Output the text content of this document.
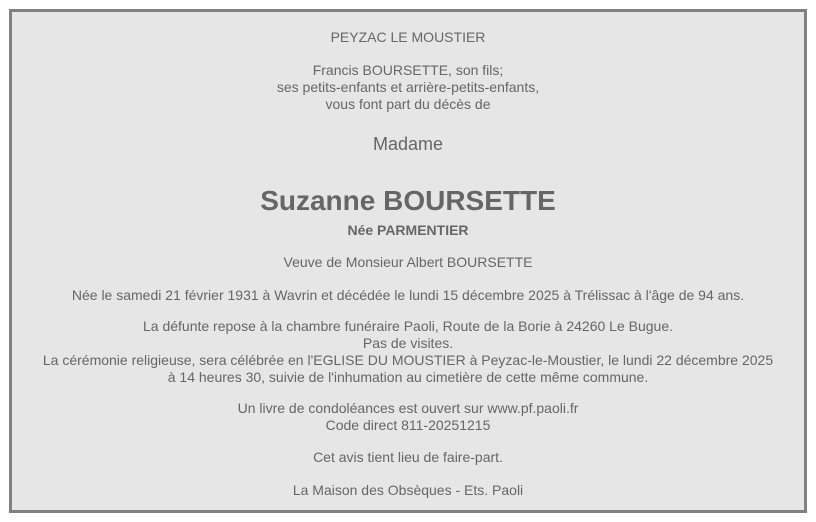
PEYZAC LE MOUSTIER
Francis BOURSETTE, son fils;
ses petits-enfants et arrière-petits-enfants,
vous font part du décès de
Madame
Suzanne BOURSETTE
Née PARMENTIER
Veuve de Monsieur Albert BOURSETTE
Née le samedi 21 février 1931 à Wavrin et décédée le lundi 15 décembre 2025 à Trélissac à l'âge de 94 ans.
La défunte repose à la chambre funéraire Paoli, Route de la Borie à 24260 Le Bugue.
Pas de visites.
La cérémonie religieuse, sera célébrée en l'EGLISE DU MOUSTIER à Peyzac-le-Moustier, le lundi 22 décembre 2025
à 14 heures 30, suivie de l'inhumation au cimetière de cette même commune.
Un livre de condoléances est ouvert sur www.pf.paoli.fr
Code direct 811-20251215
Cet avis tient lieu de faire-part.
La Maison des Obsèques - Ets. Paoli
